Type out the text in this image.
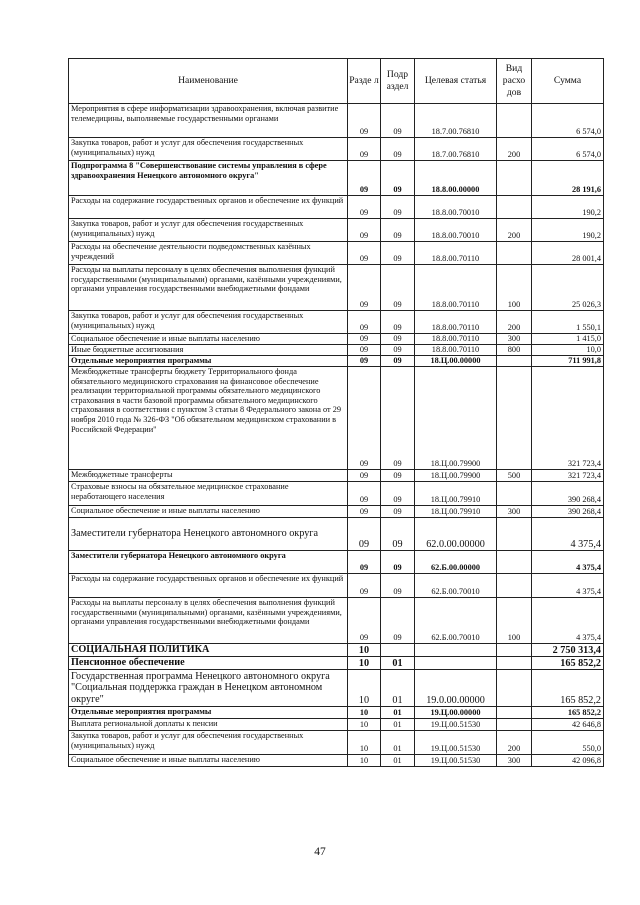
Наименование	Разде л	Подр аздел	Целевая статья	Вид расхо дов	Сумма
Мероприятия в сфере информатизации здравоохранения, включая развитие телемедицины, выполняемые государственными органами	09	09	18.7.00.76810		6 574,0
Закупка товаров, работ и услуг для обеспечения государственных (муниципальных) нужд	09	09	18.7.00.76810	200	6 574,0
Подпрограмма 8 "Совершенствование системы управления в сфере здравоохранения Ненецкого автономного округа"	09	09	18.8.00.00000		28 191,6
Расходы на содержание государственных органов и обеспечение их функций	09	09	18.8.00.70010		190,2
Закупка товаров, работ и услуг для обеспечения государственных (муниципальных) нужд	09	09	18.8.00.70010	200	190,2
Расходы на обеспечение деятельности подведомственных казённых учреждений	09	09	18.8.00.70110		28 001,4
Расходы на выплаты персоналу в целях обеспечения выполнения функций государственными (муниципальными) органами, казёнными учреждениями, органами управления государственными внебюджетными фондами	09	09	18.8.00.70110	100	25 026,3
Закупка товаров, работ и услуг для обеспечения государственных (муниципальных) нужд	09	09	18.8.00.70110	200	1 550,1
Социальное обеспечение и иные выплаты населению	09	09	18.8.00.70110	300	1 415,0
Иные бюджетные ассигнования	09	09	18.8.00.70110	800	10,0
Отдельные мероприятия программы	09	09	18.Ц.00.00000		711 991,8
Межбюджетные трансферты бюджету Территориального фонда обязательного медицинского страхования на финансовое обеспечение реализации территориальной программы обязательного медицинского страхования в части базовой программы обязательного медицинского страхования в соответствии с пунктом 3 статьи 8 Федерального закона от 29 ноября 2010 года № 326-ФЗ "Об обязательном медицинском страховании в Российской Федерации"	09	09	18.Ц.00.79900		321 723,4
Межбюджетные трансферты	09	09	18.Ц.00.79900	500	321 723,4
Страховые взносы на обязательное медицинское страхование неработающего населения	09	09	18.Ц.00.79910		390 268,4
Социальное обеспечение и иные выплаты населению	09	09	18.Ц.00.79910	300	390 268,4
Заместители губернатора Ненецкого автономного округа	09	09	62.0.00.00000		4 375,4
Заместители губернатора Ненецкого автономного округа	09	09	62.Б.00.00000		4 375,4
Расходы на содержание государственных органов и обеспечение их функций	09	09	62.Б.00.70010		4 375,4
Расходы на выплаты персоналу в целях обеспечения выполнения функций государственными (муниципальными) органами, казёнными учреждениями, органами управления государственными внебюджетными фондами	09	09	62.Б.00.70010	100	4 375,4
СОЦИАЛЬНАЯ ПОЛИТИКА	10				2 750 313,4
Пенсионное обеспечение	10	01			165 852,2
Государственная программа Ненецкого автономного округа "Социальная поддержка граждан в Ненецком автономном округе"	10	01	19.0.00.00000		165 852,2
Отдельные мероприятия программы	10	01	19.Ц.00.00000		165 852,2
Выплата региональной доплаты к пенсии	10	01	19.Ц.00.51530		42 646,8
Закупка товаров, работ и услуг для обеспечения государственных (муниципальных) нужд	10	01	19.Ц.00.51530	200	550,0
Социальное обеспечение и иные выплаты населению	10	01	19.Ц.00.51530	300	42 096,8
47
